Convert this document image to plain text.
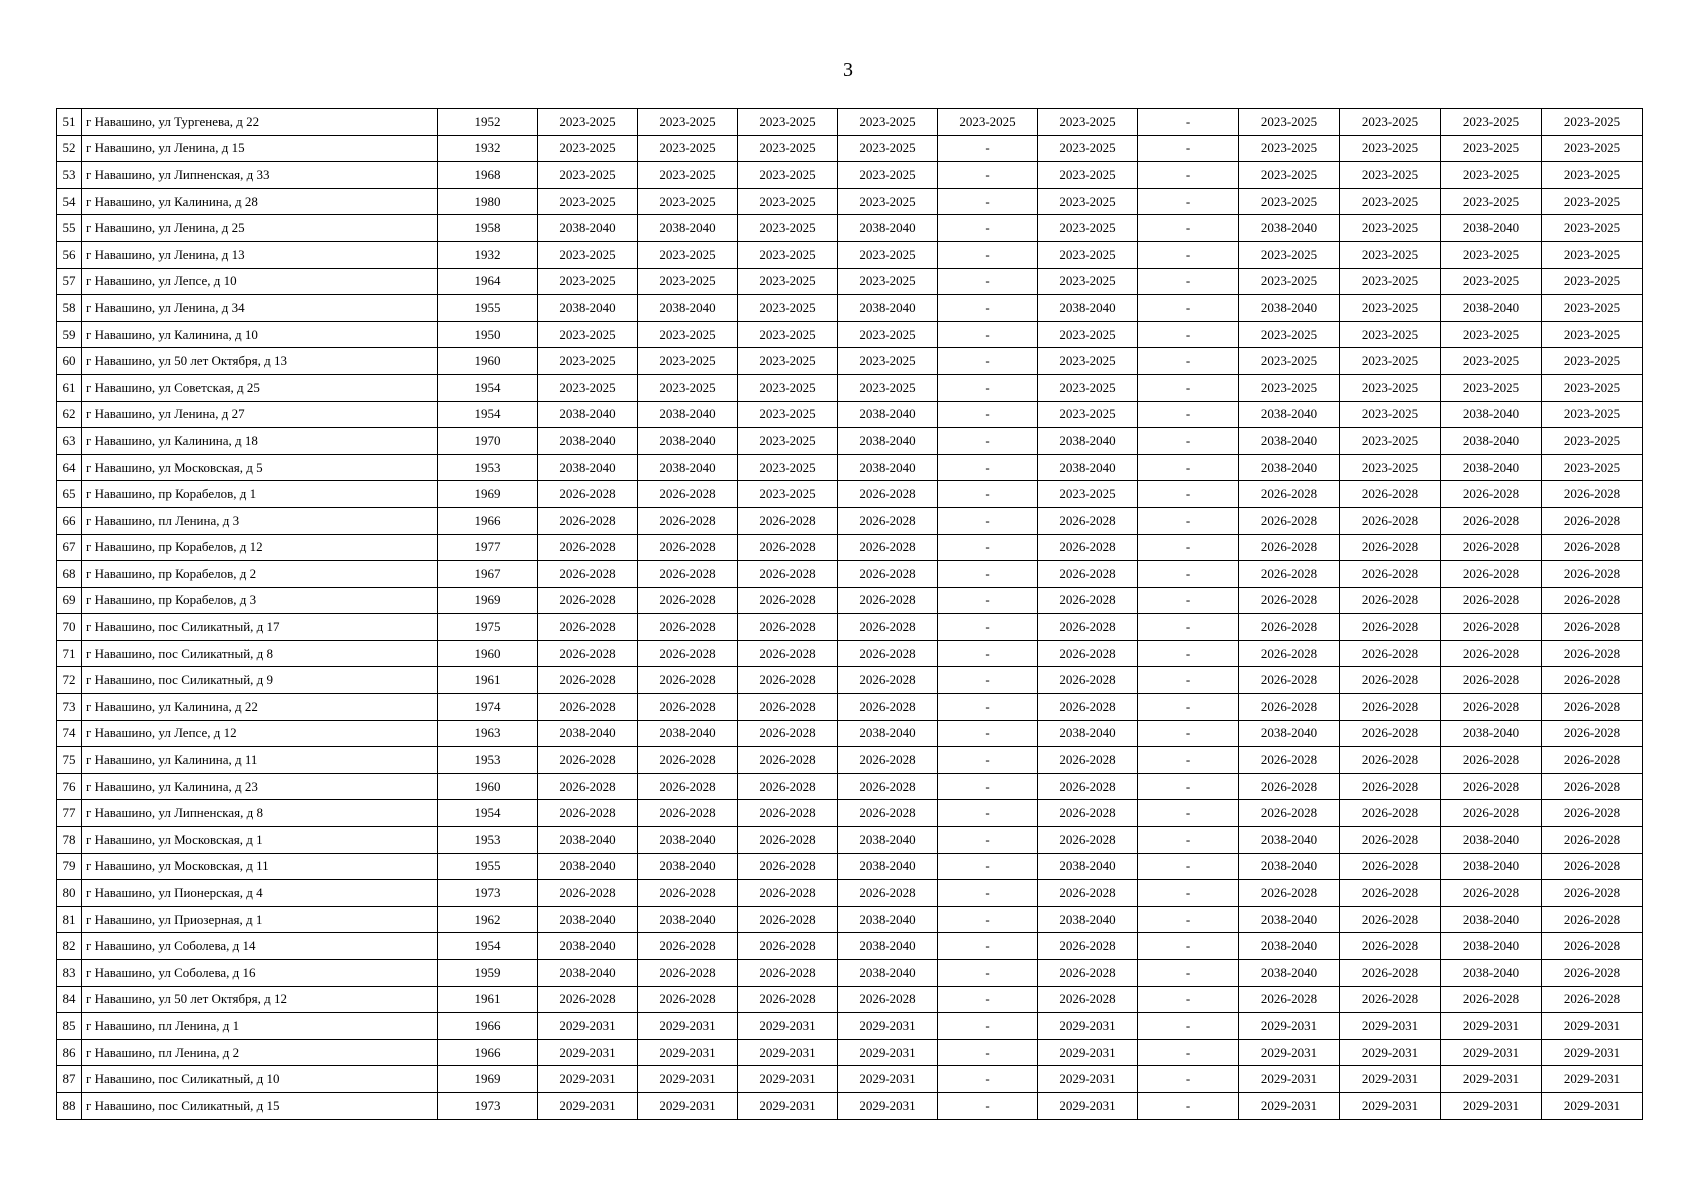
3
51	г Навашино, ул Тургенева, д 22	1952	2023-2025	2023-2025	2023-2025	2023-2025	2023-2025	2023-2025	-	2023-2025	2023-2025	2023-2025	2023-2025
52	г Навашино, ул Ленина, д 15	1932	2023-2025	2023-2025	2023-2025	2023-2025	-	2023-2025	-	2023-2025	2023-2025	2023-2025	2023-2025
53	г Навашино, ул Липненская, д 33	1968	2023-2025	2023-2025	2023-2025	2023-2025	-	2023-2025	-	2023-2025	2023-2025	2023-2025	2023-2025
54	г Навашино, ул Калинина, д 28	1980	2023-2025	2023-2025	2023-2025	2023-2025	-	2023-2025	-	2023-2025	2023-2025	2023-2025	2023-2025
55	г Навашино, ул Ленина, д 25	1958	2038-2040	2038-2040	2023-2025	2038-2040	-	2023-2025	-	2038-2040	2023-2025	2038-2040	2023-2025
56	г Навашино, ул Ленина, д 13	1932	2023-2025	2023-2025	2023-2025	2023-2025	-	2023-2025	-	2023-2025	2023-2025	2023-2025	2023-2025
57	г Навашино, ул Лепсе, д 10	1964	2023-2025	2023-2025	2023-2025	2023-2025	-	2023-2025	-	2023-2025	2023-2025	2023-2025	2023-2025
58	г Навашино, ул Ленина, д 34	1955	2038-2040	2038-2040	2023-2025	2038-2040	-	2038-2040	-	2038-2040	2023-2025	2038-2040	2023-2025
59	г Навашино, ул Калинина, д 10	1950	2023-2025	2023-2025	2023-2025	2023-2025	-	2023-2025	-	2023-2025	2023-2025	2023-2025	2023-2025
60	г Навашино, ул 50 лет Октября, д 13	1960	2023-2025	2023-2025	2023-2025	2023-2025	-	2023-2025	-	2023-2025	2023-2025	2023-2025	2023-2025
61	г Навашино, ул Советская, д 25	1954	2023-2025	2023-2025	2023-2025	2023-2025	-	2023-2025	-	2023-2025	2023-2025	2023-2025	2023-2025
62	г Навашино, ул Ленина, д 27	1954	2038-2040	2038-2040	2023-2025	2038-2040	-	2023-2025	-	2038-2040	2023-2025	2038-2040	2023-2025
63	г Навашино, ул Калинина, д 18	1970	2038-2040	2038-2040	2023-2025	2038-2040	-	2038-2040	-	2038-2040	2023-2025	2038-2040	2023-2025
64	г Навашино, ул Московская, д 5	1953	2038-2040	2038-2040	2023-2025	2038-2040	-	2038-2040	-	2038-2040	2023-2025	2038-2040	2023-2025
65	г Навашино, пр Корабелов, д 1	1969	2026-2028	2026-2028	2023-2025	2026-2028	-	2023-2025	-	2026-2028	2026-2028	2026-2028	2026-2028
66	г Навашино, пл Ленина, д 3	1966	2026-2028	2026-2028	2026-2028	2026-2028	-	2026-2028	-	2026-2028	2026-2028	2026-2028	2026-2028
67	г Навашино, пр Корабелов, д 12	1977	2026-2028	2026-2028	2026-2028	2026-2028	-	2026-2028	-	2026-2028	2026-2028	2026-2028	2026-2028
68	г Навашино, пр Корабелов, д 2	1967	2026-2028	2026-2028	2026-2028	2026-2028	-	2026-2028	-	2026-2028	2026-2028	2026-2028	2026-2028
69	г Навашино, пр Корабелов, д 3	1969	2026-2028	2026-2028	2026-2028	2026-2028	-	2026-2028	-	2026-2028	2026-2028	2026-2028	2026-2028
70	г Навашино, пос Силикатный, д 17	1975	2026-2028	2026-2028	2026-2028	2026-2028	-	2026-2028	-	2026-2028	2026-2028	2026-2028	2026-2028
71	г Навашино, пос Силикатный, д 8	1960	2026-2028	2026-2028	2026-2028	2026-2028	-	2026-2028	-	2026-2028	2026-2028	2026-2028	2026-2028
72	г Навашино, пос Силикатный, д 9	1961	2026-2028	2026-2028	2026-2028	2026-2028	-	2026-2028	-	2026-2028	2026-2028	2026-2028	2026-2028
73	г Навашино, ул Калинина, д 22	1974	2026-2028	2026-2028	2026-2028	2026-2028	-	2026-2028	-	2026-2028	2026-2028	2026-2028	2026-2028
74	г Навашино, ул Лепсе, д 12	1963	2038-2040	2038-2040	2026-2028	2038-2040	-	2038-2040	-	2038-2040	2026-2028	2038-2040	2026-2028
75	г Навашино, ул Калинина, д 11	1953	2026-2028	2026-2028	2026-2028	2026-2028	-	2026-2028	-	2026-2028	2026-2028	2026-2028	2026-2028
76	г Навашино, ул Калинина, д 23	1960	2026-2028	2026-2028	2026-2028	2026-2028	-	2026-2028	-	2026-2028	2026-2028	2026-2028	2026-2028
77	г Навашино, ул Липненская, д 8	1954	2026-2028	2026-2028	2026-2028	2026-2028	-	2026-2028	-	2026-2028	2026-2028	2026-2028	2026-2028
78	г Навашино, ул Московская, д 1	1953	2038-2040	2038-2040	2026-2028	2038-2040	-	2026-2028	-	2038-2040	2026-2028	2038-2040	2026-2028
79	г Навашино, ул Московская, д 11	1955	2038-2040	2038-2040	2026-2028	2038-2040	-	2038-2040	-	2038-2040	2026-2028	2038-2040	2026-2028
80	г Навашино, ул Пионерская, д 4	1973	2026-2028	2026-2028	2026-2028	2026-2028	-	2026-2028	-	2026-2028	2026-2028	2026-2028	2026-2028
81	г Навашино, ул Приозерная, д 1	1962	2038-2040	2038-2040	2026-2028	2038-2040	-	2038-2040	-	2038-2040	2026-2028	2038-2040	2026-2028
82	г Навашино, ул Соболева, д 14	1954	2038-2040	2026-2028	2026-2028	2038-2040	-	2026-2028	-	2038-2040	2026-2028	2038-2040	2026-2028
83	г Навашино, ул Соболева, д 16	1959	2038-2040	2026-2028	2026-2028	2038-2040	-	2026-2028	-	2038-2040	2026-2028	2038-2040	2026-2028
84	г Навашино, ул 50 лет Октября, д 12	1961	2026-2028	2026-2028	2026-2028	2026-2028	-	2026-2028	-	2026-2028	2026-2028	2026-2028	2026-2028
85	г Навашино, пл Ленина, д 1	1966	2029-2031	2029-2031	2029-2031	2029-2031	-	2029-2031	-	2029-2031	2029-2031	2029-2031	2029-2031
86	г Навашино, пл Ленина, д 2	1966	2029-2031	2029-2031	2029-2031	2029-2031	-	2029-2031	-	2029-2031	2029-2031	2029-2031	2029-2031
87	г Навашино, пос Силикатный, д 10	1969	2029-2031	2029-2031	2029-2031	2029-2031	-	2029-2031	-	2029-2031	2029-2031	2029-2031	2029-2031
88	г Навашино, пос Силикатный, д 15	1973	2029-2031	2029-2031	2029-2031	2029-2031	-	2029-2031	-	2029-2031	2029-2031	2029-2031	2029-2031
